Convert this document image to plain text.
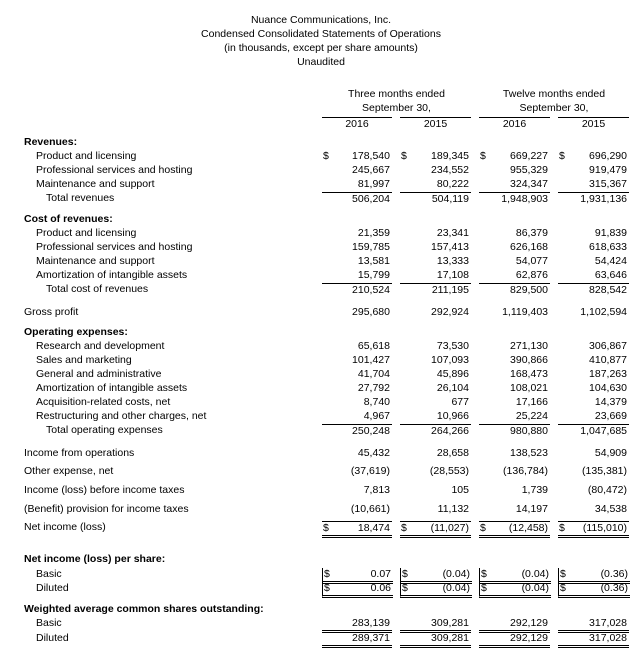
Nuance Communications, Inc.
Condensed Consolidated Statements of Operations
(in thousands, except per share amounts)
Unaudited
Three months ended
September 30,
Twelve months ended
September 30,
2016	2015	2016	2015
Revenues:
Product and licensing	$ 178,540 $ 189,345 $ 669,227 $ 696,290
Professional services and hosting	245,667	234,552	955,329	919,479
Maintenance and support	81,997	80,222	324,347	315,367
Total revenues	506,204	504,119	1,948,903	1,931,136
Cost of revenues:
Product and licensing	21,359	23,341	86,379	91,839
Professional services and hosting	159,785	157,413	626,168	618,633
Maintenance and support	13,581	13,333	54,077	54,424
Amortization of intangible assets	15,799	17,108	62,876	63,646
Total cost of revenues	210,524	211,195	829,500	828,542
Gross profit	295,680	292,924	1,119,403	1,102,594
Operating expenses:
Research and development	65,618	73,530	271,130	306,867
Sales and marketing	101,427	107,093	390,866	410,877
General and administrative	41,704	45,896	168,473	187,263
Amortization of intangible assets	27,792	26,104	108,021	104,630
Acquisition-related costs, net	8,740	677	17,166	14,379
Restructuring and other charges, net	4,967	10,966	25,224	23,669
Total operating expenses	250,248	264,266	980,880	1,047,685
Income from operations	45,432	28,658	138,523	54,909
Other expense, net	(37,619)	(28,553)	(136,784)	(135,381)
Income (loss) before income taxes	7,813	105	1,739	(80,472)
(Benefit) provision for income taxes	(10,661)	11,132	14,197	34,538
Net income (loss)	$	18,474 $ (11,027) $ (12,458) $ (115,010)
Net income (loss) per share:
Basic	$	0.07 $	(0.04) $	(0.04) $	(0.36)
Diluted	$	0.06 $	(0.04) $	(0.04) $	(0.36)
Weighted average common shares outstanding:
Basic	283,139	309,281	292,129	317,028
Diluted	289,371	309,281	292,129	317,028
